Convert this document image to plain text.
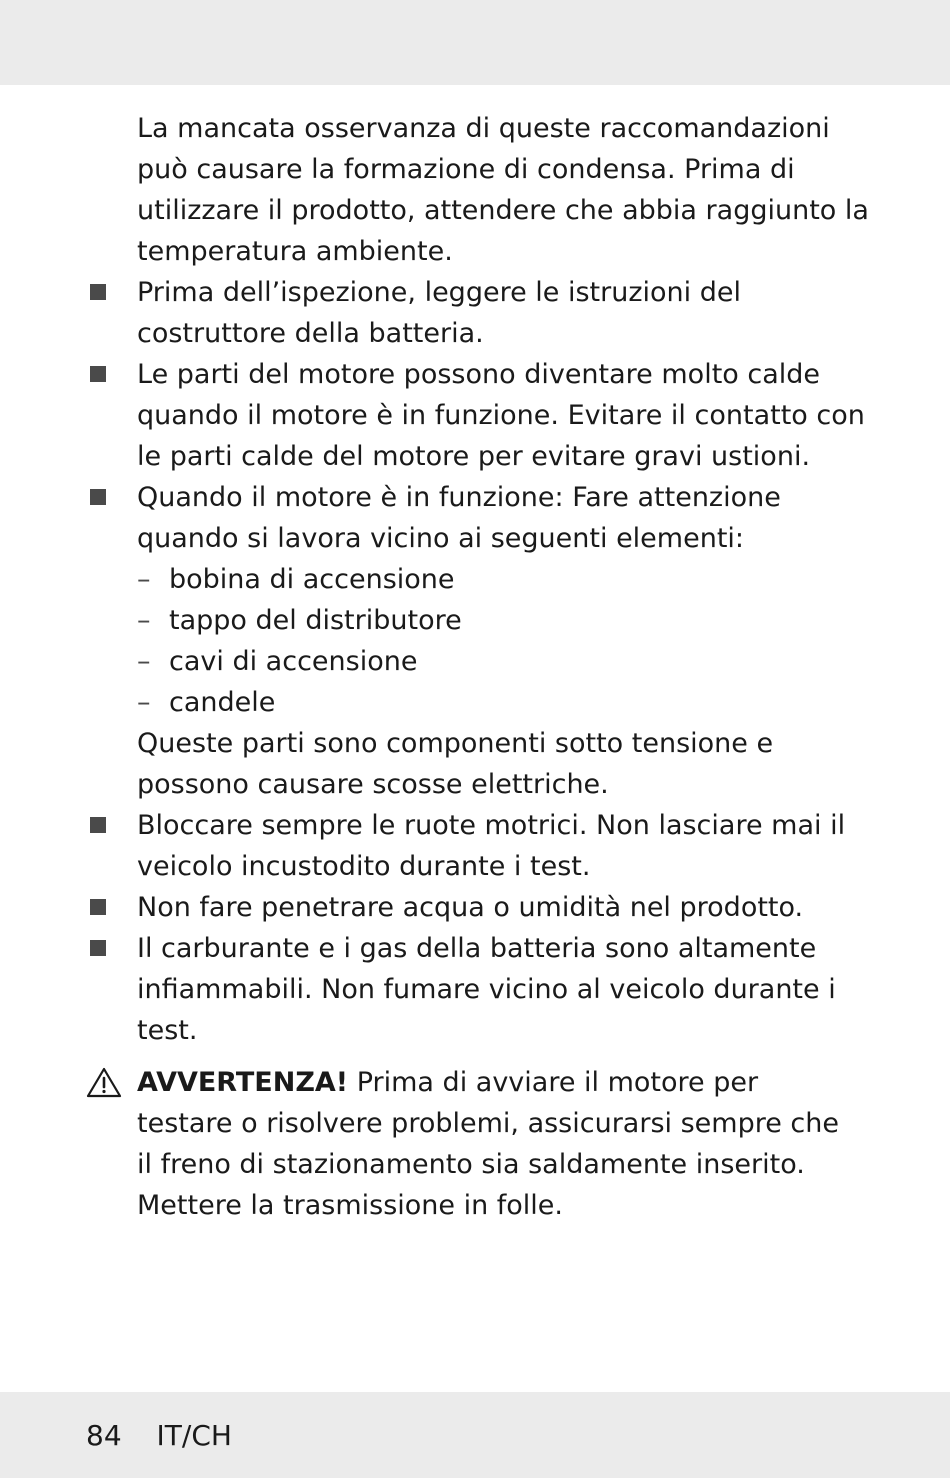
La mancata osservanza di queste raccomandazioni può causare la formazione di condensa. Prima di utilizzare il prodotto, attendere che abbia raggiunto la temperatura ambiente.
Prima dell’ispezione, leggere le istruzioni del costruttore della batteria.
Le parti del motore possono diventare molto calde quando il motore è in funzione. Evitare il contatto con le parti calde del motore per evitare gravi ustioni.
Quando il motore è in funzione: Fare attenzione quando si lavora vicino ai seguenti elementi:
– bobina di accensione
– tappo del distributore
– cavi di accensione
– candele
Queste parti sono componenti sotto tensione e possono causare scosse elettriche.
Bloccare sempre le ruote motrici. Non lasciare mai il veicolo incustodito durante i test.
Non fare penetrare acqua o umidità nel prodotto.
Il carburante e i gas della batteria sono altamente infiammabili. Non fumare vicino al veicolo durante i test.
AVVERTENZA! Prima di avviare il motore per testare o risolvere problemi, assicurarsi sempre che il freno di stazionamento sia saldamente inserito. Mettere la trasmissione in folle.
84 IT/CH
